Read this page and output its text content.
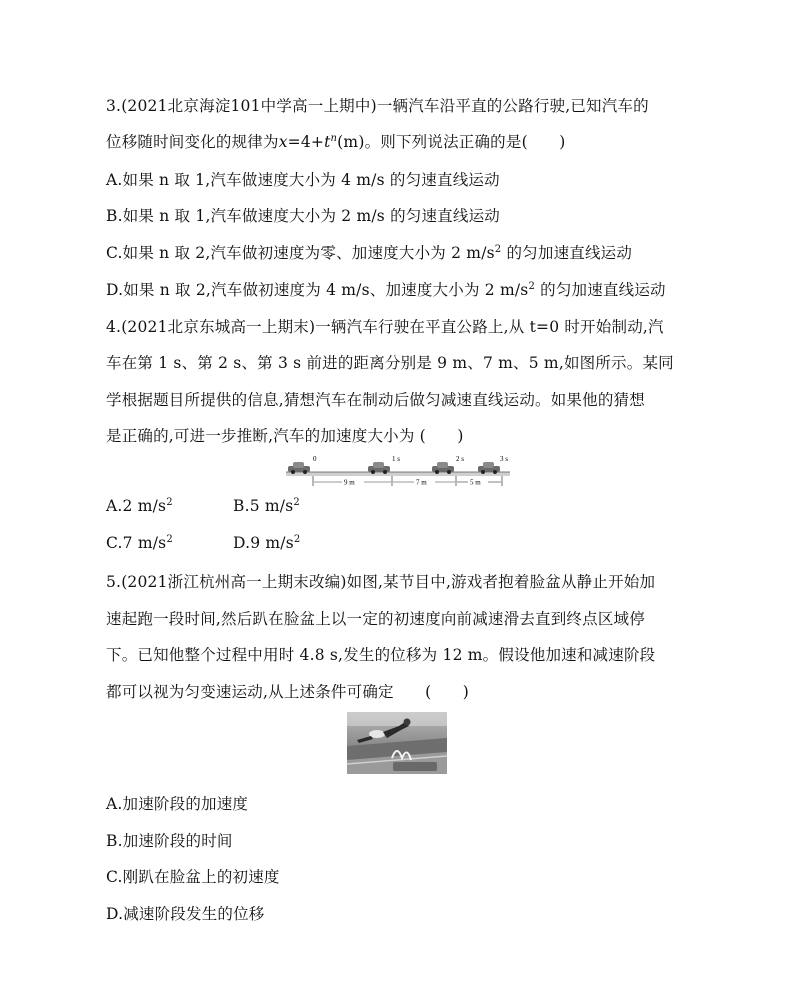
3.(2021北京海淀101中学高一上期中)一辆汽车沿平直的公路行驶,已知汽车的
位移随时间变化的规律为$x=4+t^n(m)$。则下列说法正确的是(　　)
A.如果 n 取 1,汽车做速度大小为 4 m/s 的匀速直线运动
B.如果 n 取 1,汽车做速度大小为 2 m/s 的匀速直线运动
C.如果 n 取 2,汽车做初速度为零、加速度大小为 2 $m/s^2$ 的匀加速直线运动
D.如果 n 取 2,汽车做初速度为 4 m/s、加速度大小为 2 $m/s^2$ 的匀加速直线运动
4.(2021北京东城高一上期末)一辆汽车行驶在平直公路上,从 t=0 时开始制动,汽
车在第 1 s、第 2 s、第 3 s 前进的距离分别是 9 m、7 m、5 m,如图所示。某同
学根据题目所提供的信息,猜想汽车在制动后做匀减速直线运动。如果他的猜想
是正确的,可进一步推断,汽车的加速度大小为 (　　)
0	1 s	2 s	3 s
9 m	7 m	5 m
A.2 $m/s^2$	B.5 $m/s^2$
C.7 $m/s^2$	D.9 $m/s^2$
5.(2021浙江杭州高一上期末改编)如图,某节目中,游戏者抱着脸盆从静止开始加
速起跑一段时间,然后趴在脸盆上以一定的初速度向前减速滑去直到终点区域停
下。已知他整个过程中用时 4.8 s,发生的位移为 12 m。假设他加速和减速阶段
都可以视为匀变速运动,从上述条件可确定　　(　　)
A.加速阶段的加速度
B.加速阶段的时间
C.刚趴在脸盆上的初速度
D.减速阶段发生的位移
